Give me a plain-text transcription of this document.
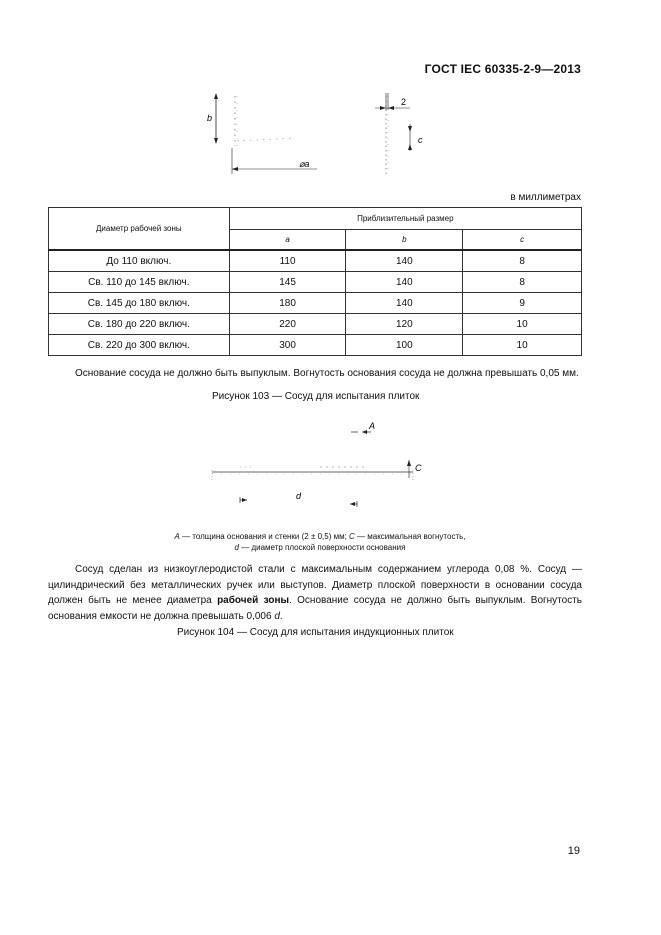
ГОСТ IEC 60335-2-9—2013
b
⌀a
2
c
в миллиметрах
Диаметр рабочей зоны	Приблизительный размер		
	a	b	c
До 110 включ.	110	140	8
Св. 110 до 145 включ.	145	140	8
Св. 145 до 180 включ.	180	140	9
Св. 180 до 220 включ.	220	120	10
Св. 220 до 300 включ.	300	100	10
Основание сосуда не должно быть выпуклым. Вогнутость основания сосуда не должна превышать 0,05 мм.
Рисунок 103 — Сосуд для испытания плиток
A
C
d
A — толщина основания и стенки (2 ± 0,5) мм; C — максимальная вогнутость,
d — диаметр плоской поверхности основания
Сосуд сделан из низкоуглеродистой стали с максимальным содержанием углерода 0,08 %. Сосуд — цилиндрический без металлических ручек или выступов. Диаметр плоской поверхности в основании сосуда должен быть не менее диаметра рабочей зоны. Основание сосуда не должно быть выпуклым. Вогнутость основания емкости не должна превышать 0,006 d.
Рисунок 104 — Сосуд для испытания индукционных плиток
19
